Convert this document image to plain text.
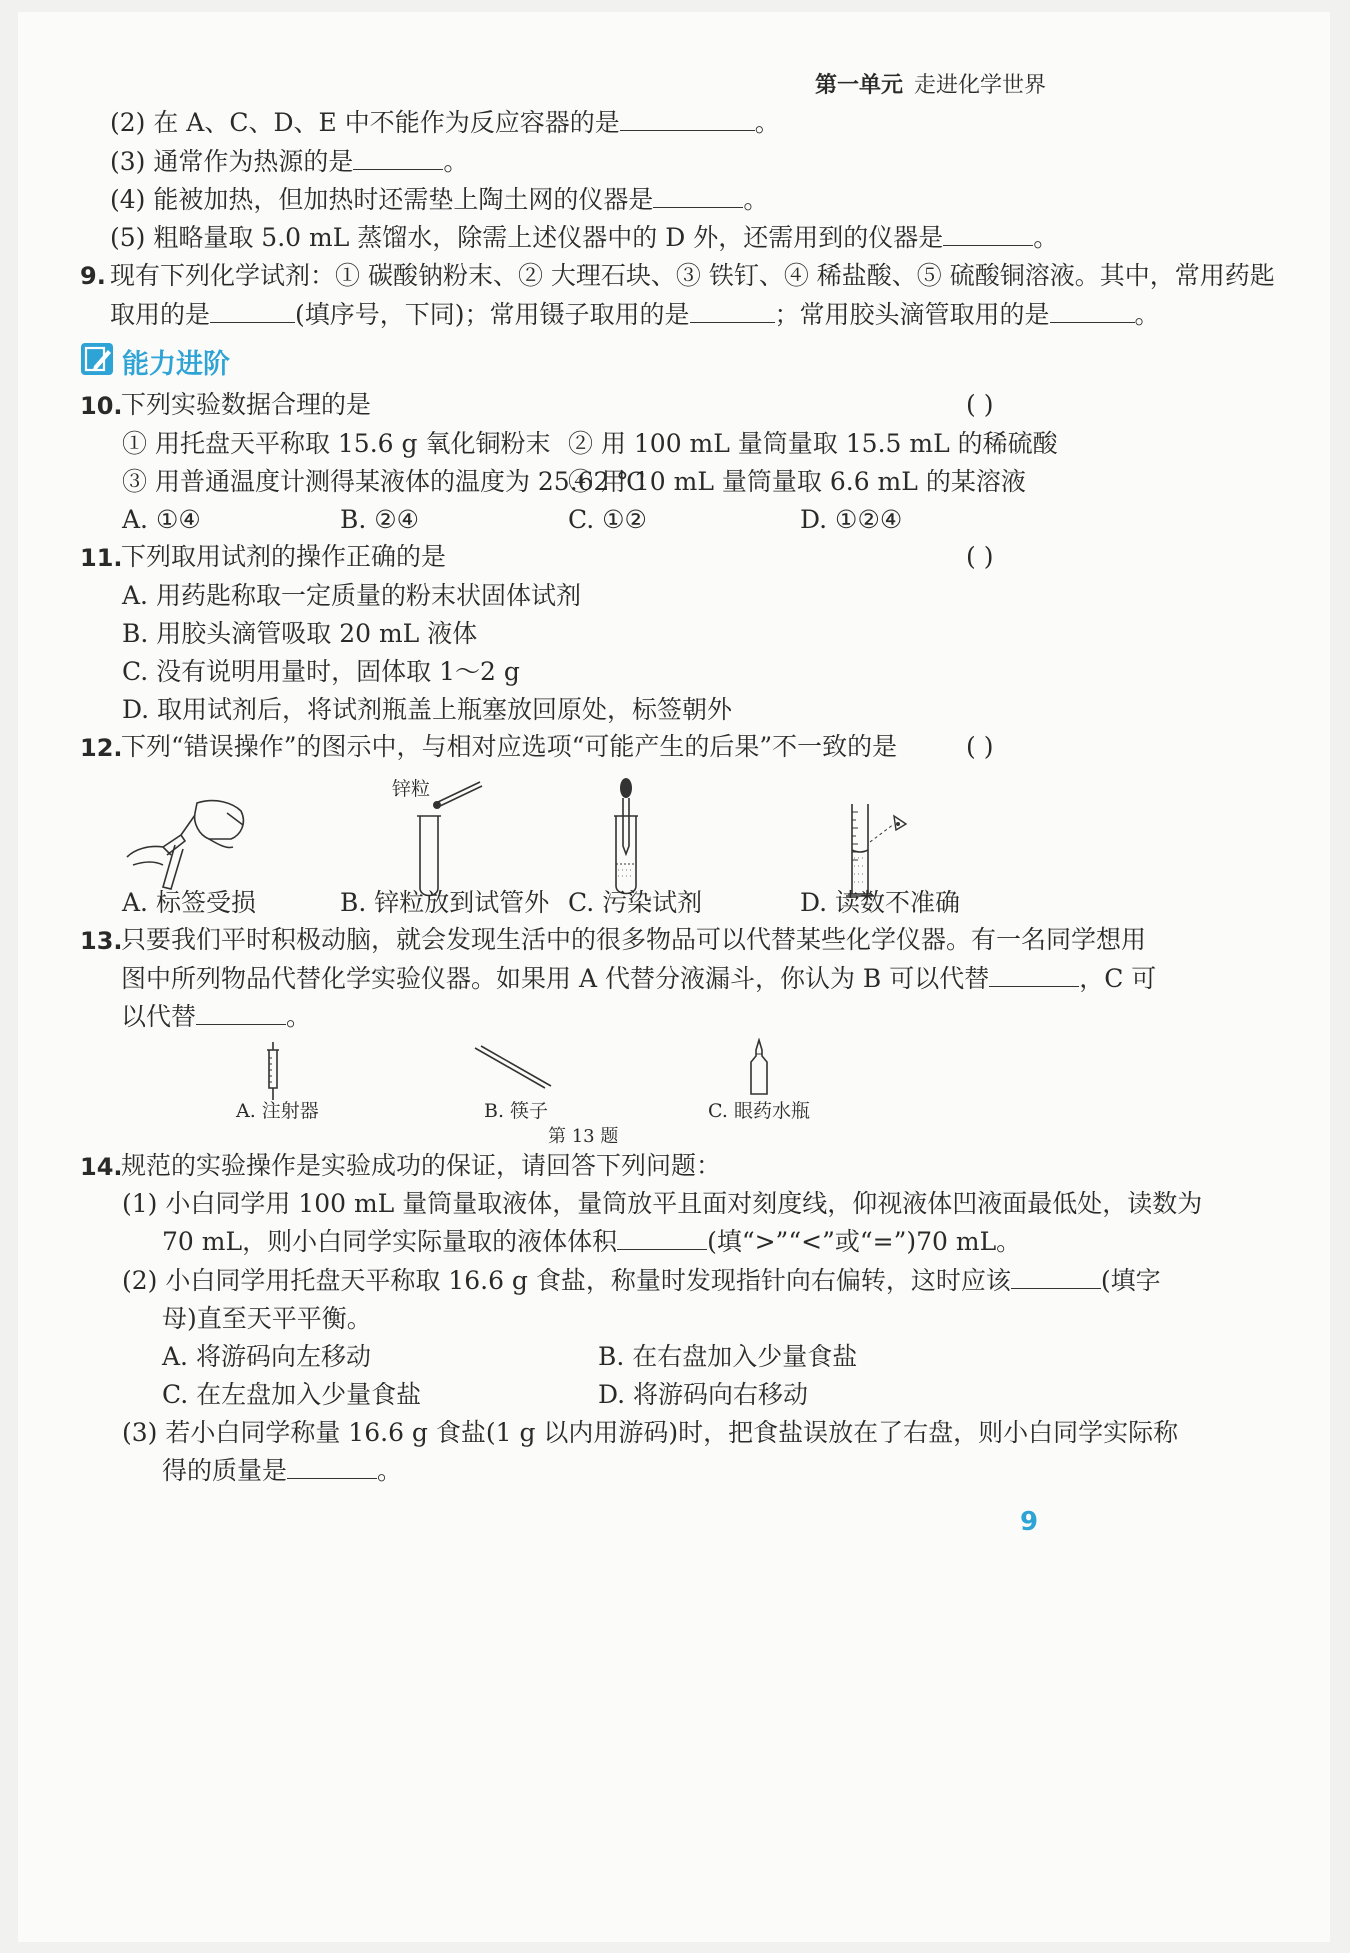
第一单元 走进化学世界
(2) 在 A、C、D、E 中不能作为反应容器的是	。
(3) 通常作为热源的是	。
(4) 能被加热，但加热时还需垫上陶土网的仪器是	。
(5) 粗略量取 5.0 mL 蒸馏水，除需上述仪器中的 D 外，还需用到的仪器是	。
9. 现有下列化学试剂：① 碳酸钠粉末、② 大理石块、③ 铁钉、④ 稀盐酸、⑤ 硫酸铜溶液。其中，常用药匙
取用的是	(填序号，下同)；常用镊子取用的是	；常用胶头滴管取用的是	。
能力进阶
10.
下列实验数据合理的是	( )
① 用托盘天平称取 15.6 g 氧化铜粉末 ② 用 100 mL 量筒量取 15.5 mL 的稀硫酸
③ 用普通温度计测得某液体的温度为 25.62 ℃
④ 用 10 mL 量筒量取 6.6 mL 的某溶液
A. ①④	B. ②④	C. ①②	D. ①②④
11.
下列取用试剂的操作正确的是	( )
A. 用药匙称取一定质量的粉末状固体试剂
B. 用胶头滴管吸取 20 mL 液体
C. 没有说明用量时，固体取 1～2 g
D. 取用试剂后，将试剂瓶盖上瓶塞放回原处，标签朝外
12.
下列“错误操作”的图示中，与相对应选项“可能产生的后果”不一致的是	( )
锌粒
A. 标签受损	B. 锌粒放到试管外 C. 污染试剂	D. 读数不准确
13.
只要我们平时积极动脑，就会发现生活中的很多物品可以代替某些化学仪器。有一名同学想用
图中所列物品代替化学实验仪器。如果用 A 代替分液漏斗，你认为 B 可以代替	，C 可
以代替	。
A. 注射器	B. 筷子	C. 眼药水瓶
第 13 题
14.
规范的实验操作是实验成功的保证，请回答下列问题：
(1) 小白同学用 100 mL 量筒量取液体，量筒放平且面对刻度线，仰视液体凹液面最低处，读数为
70 mL，则小白同学实际量取的液体体积	(填“>”“<”或“=”)70 mL。
(2) 小白同学用托盘天平称取 16.6 g 食盐，称量时发现指针向右偏转，这时应该	(填字
母)直至天平平衡。
A. 将游码向左移动	B. 在右盘加入少量食盐
C. 在左盘加入少量食盐	D. 将游码向右移动
(3) 若小白同学称量 16.6 g 食盐(1 g 以内用游码)时，把食盐误放在了右盘，则小白同学实际称
得的质量是	。
9
